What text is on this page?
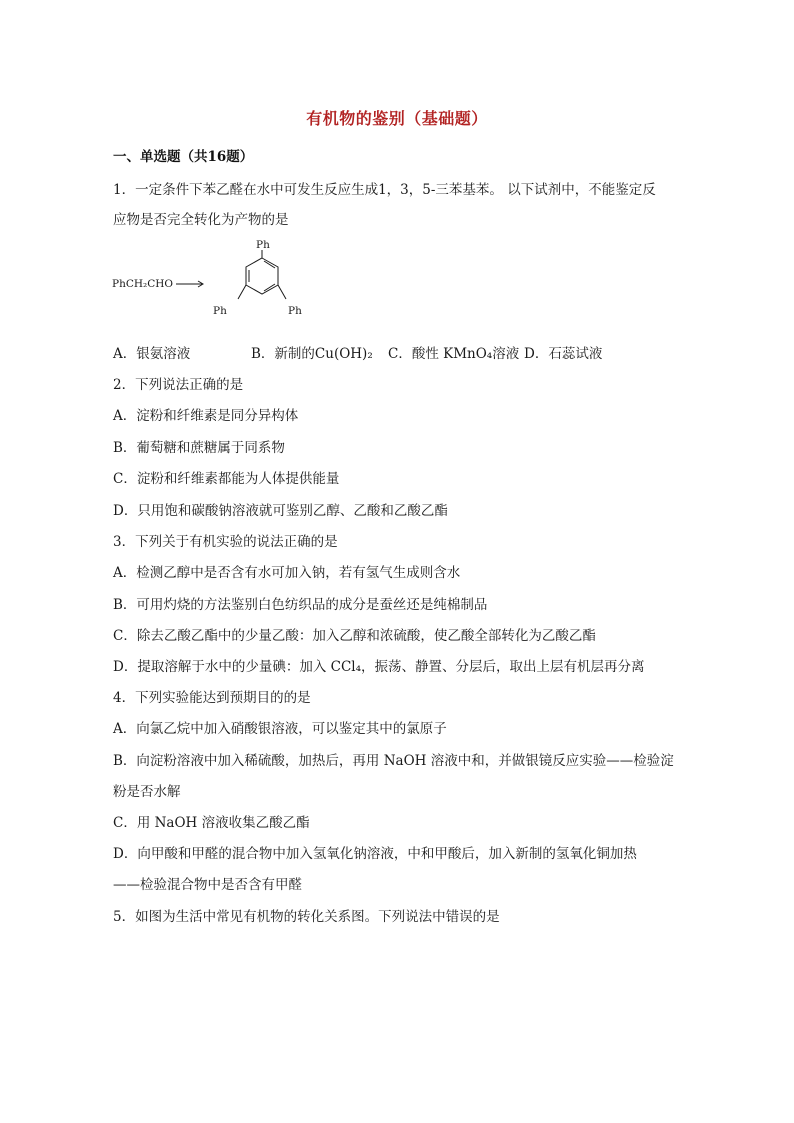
有机物的鉴别（基础题）
一、单选题（共16题）
1．一定条件下苯乙醛在水中可发生反应生成1，3，5-三苯基苯。 以下试剂中，不能鉴定反
应物是否完全转化为产物的是
PhCH₂CHO
Ph
Ph	Ph
A．银氨溶液	B．新制的Cu(OH)₂ C．酸性 KMnO₄溶液 D．石蕊试液
2．下列说法正确的是
A．淀粉和纤维素是同分异构体
B．葡萄糖和蔗糖属于同系物
C．淀粉和纤维素都能为人体提供能量
D．只用饱和碳酸钠溶液就可鉴别乙醇、乙酸和乙酸乙酯
3．下列关于有机实验的说法正确的是
A．检测乙醇中是否含有水可加入钠，若有氢气生成则含水
B．可用灼烧的方法鉴别白色纺织品的成分是蚕丝还是纯棉制品
C．除去乙酸乙酯中的少量乙酸：加入乙醇和浓硫酸，使乙酸全部转化为乙酸乙酯
D．提取溶解于水中的少量碘：加入 CCl₄，振荡、静置、分层后，取出上层有机层再分离
4．下列实验能达到预期目的的是
A．向氯乙烷中加入硝酸银溶液，可以鉴定其中的氯原子
B．向淀粉溶液中加入稀硫酸，加热后，再用 NaOH 溶液中和，并做银镜反应实验——检验淀
粉是否水解
C．用 NaOH 溶液收集乙酸乙酯
D．向甲酸和甲醛的混合物中加入氢氧化钠溶液，中和甲酸后，加入新制的氢氧化铜加热
——检验混合物中是否含有甲醛
5．如图为生活中常见有机物的转化关系图。下列说法中错误的是
